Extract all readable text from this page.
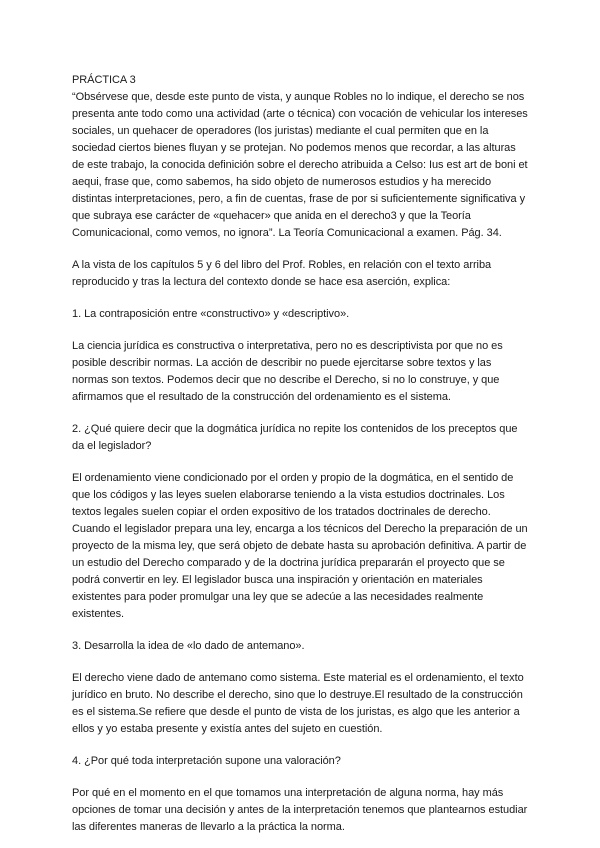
PRÁCTICA 3

“Obsérvese que, desde este punto de vista, y aunque Robles no lo indique, el derecho se nos presenta ante todo como una actividad (arte o técnica) con vocación de vehicular los intereses sociales, un quehacer de operadores (los juristas) mediante el cual permiten que en la sociedad ciertos bienes fluyan y se protejan. No podemos menos que recordar, a las alturas de este trabajo, la conocida definición sobre el derecho atribuida a Celso: Ius est art de boni et aequi, frase que, como sabemos, ha sido objeto de numerosos estudios y ha merecido distintas interpretaciones, pero, a fin de cuentas, frase de por si suficientemente significativa y que subraya ese carácter de «quehacer» que anida en el derecho3 y que la Teoría Comunicacional, como vemos, no ignora”. La Teoría Comunicacional a examen. Pág. 34.

A la vista de los capítulos 5 y 6 del libro del Prof. Robles, en relación con el texto arriba reproducido y tras la lectura del contexto donde se hace esa aserción, explica:

1. La contraposición entre «constructivo» y «descriptivo».

La ciencia jurídica es constructiva o interpretativa, pero no es descriptivista por que no es posible describir normas. La acción de describir no puede ejercitarse sobre textos y las normas son textos. Podemos decir que no describe el Derecho, si no lo construye, y que afirmamos que el resultado de la construcción del ordenamiento es el sistema.

2. ¿Qué quiere decir que la dogmática jurídica no repite los contenidos de los preceptos que da el legislador?

El ordenamiento viene condicionado por el orden y propio de la dogmática, en el sentido de que los códigos y las leyes suelen elaborarse teniendo a la vista estudios doctrinales. Los textos legales suelen copiar el orden expositivo de los tratados doctrinales de derecho. Cuando el legislador prepara una ley, encarga a los técnicos del Derecho la preparación de un proyecto de la misma ley, que será objeto de debate hasta su aprobación definitiva. A partir de un estudio del Derecho comparado y de la doctrina jurídica prepararán el proyecto que se podrá convertir en ley. El legislador busca una inspiración y orientación en materiales existentes para poder promulgar una ley que se adecúe a las necesidades realmente existentes.

3. Desarrolla la idea de «lo dado de antemano».

El derecho viene dado de antemano como sistema. Este material es el ordenamiento, el texto jurídico en bruto. No describe el derecho, sino que lo destruye.El resultado de la construcción es el sistema.Se refiere que desde el punto de vista de los juristas, es algo que les anterior a ellos y yo estaba presente y existía antes del sujeto en cuestión.

4. ¿Por qué toda interpretación supone una valoración?

Por qué en el momento en el que tomamos una interpretación de alguna norma, hay más opciones de tomar una decisión y antes de la interpretación tenemos que plantearnos estudiar las diferentes maneras de llevarlo a la práctica la norma.
